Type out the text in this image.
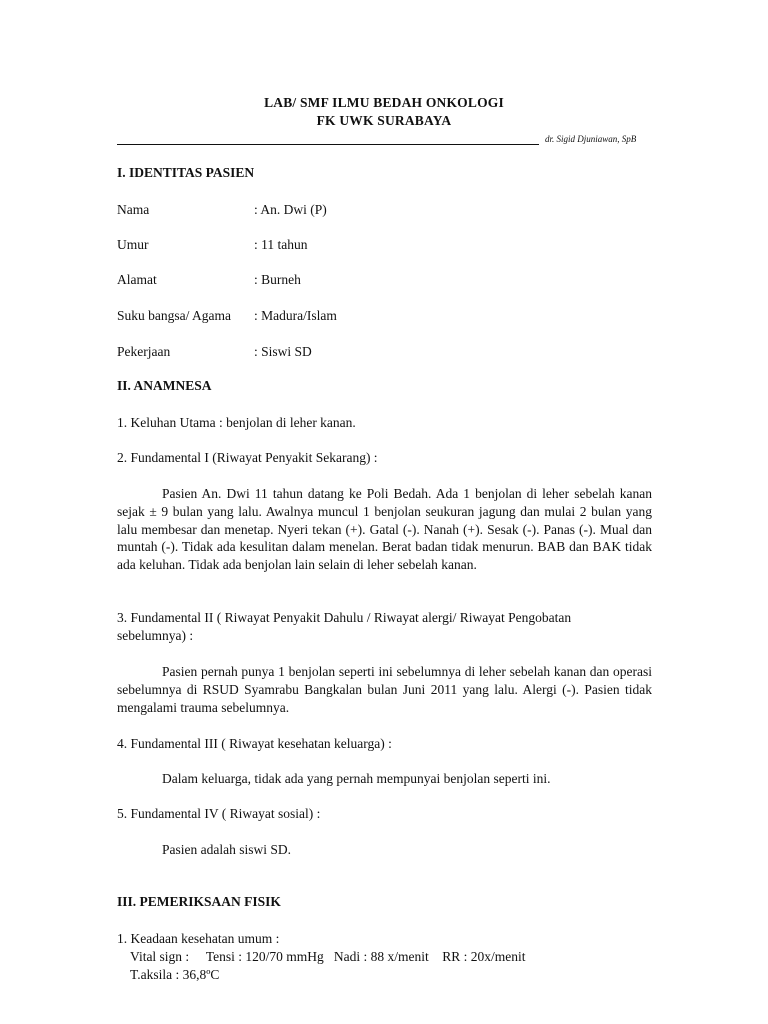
LAB/ SMF ILMU BEDAH ONKOLOGI
FK UWK SURABAYA
dr. Sigid Djuniawan, SpB
I. IDENTITAS PASIEN
Nama	: An. Dwi (P)
Umur	: 11 tahun
Alamat	: Burneh
Suku bangsa/ Agama : Madura/Islam
Pekerjaan	: Siswi SD
II. ANAMNESA
1. Keluhan Utama : benjolan di leher kanan.
2. Fundamental I (Riwayat Penyakit Sekarang) :
Pasien An. Dwi 11 tahun datang ke Poli Bedah. Ada 1 benjolan di leher sebelah kanan sejak ± 9 bulan yang lalu. Awalnya muncul 1 benjolan seukuran jagung dan mulai 2 bulan yang lalu membesar dan menetap. Nyeri tekan (+). Gatal (-). Nanah (+). Sesak (-). Panas (-). Mual dan muntah (-). Tidak ada kesulitan dalam menelan. Berat badan tidak menurun. BAB dan BAK tidak ada keluhan. Tidak ada benjolan lain selain di leher sebelah kanan.
3. Fundamental II ( Riwayat Penyakit Dahulu / Riwayat alergi/ Riwayat Pengobatan
sebelumnya) :
Pasien pernah punya 1 benjolan seperti ini sebelumnya di leher sebelah kanan dan operasi sebelumnya di RSUD Syamrabu Bangkalan bulan Juni 2011 yang lalu. Alergi (-). Pasien tidak mengalami trauma sebelumnya.
4. Fundamental III ( Riwayat kesehatan keluarga) :
Dalam keluarga, tidak ada yang pernah mempunyai benjolan seperti ini.
5. Fundamental IV ( Riwayat sosial) :
Pasien adalah siswi SD.
III. PEMERIKSAAN FISIK
1. Keadaan kesehatan umum :
Vital sign :     Tensi : 120/70 mmHg   Nadi : 88 x/menit    RR : 20x/menit
T.aksila : 36,8ºC
